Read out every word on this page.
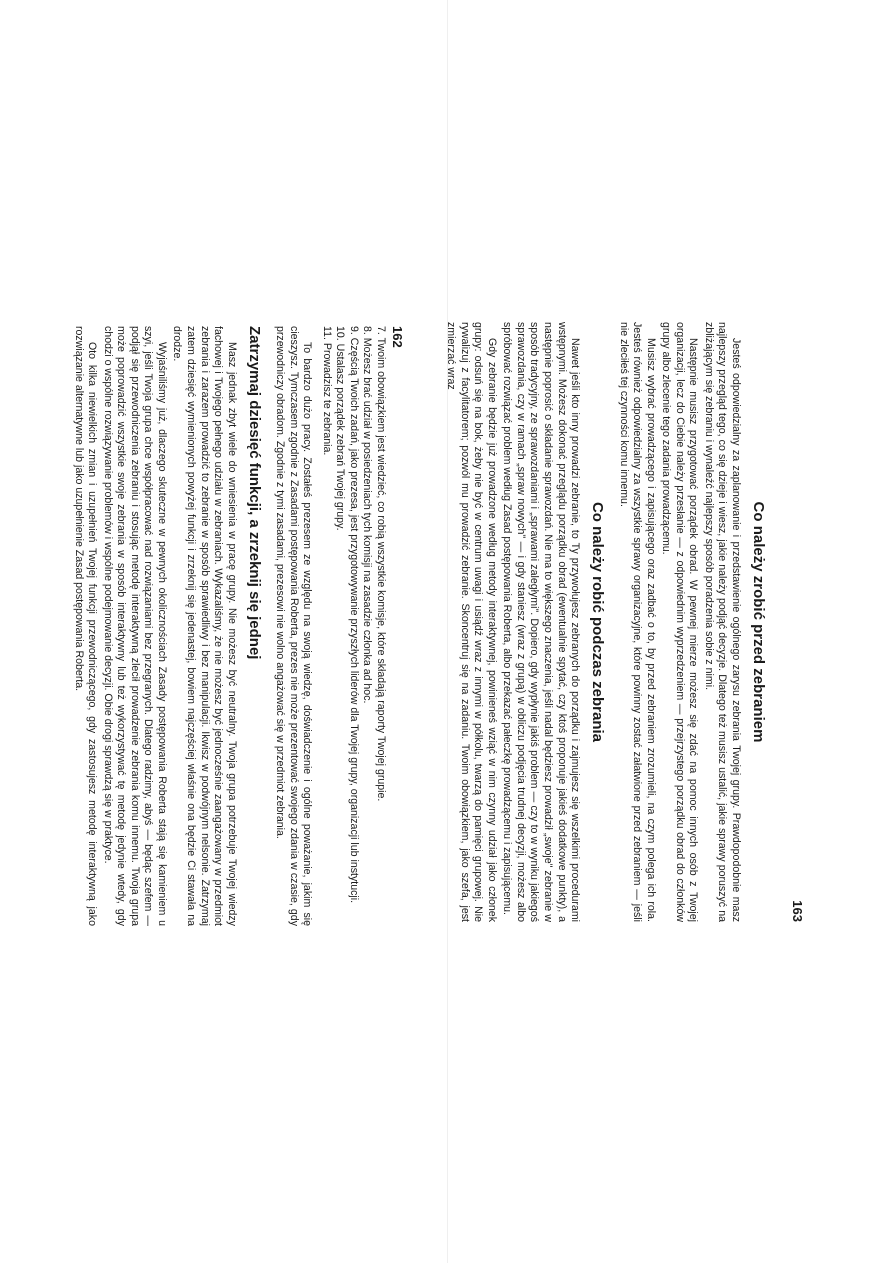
162

7. Twoim obowiązkiem jest wiedzieć, co robią wszystkie komisje, które składają raporty Twojej grupie.

8. Możesz brać udział w posiedzeniach tych komisji na zasadzie członka ad hoc.

9. Częścią Twoich zadań, jako prezesa, jest przygotowywanie przyszłych liderów dla Twojej grupy, organizacji lub instytucji.

10. Ustalasz porządek zebrań Twojej grupy.

11. Prowadzisz te zebrania.

To bardzo dużo pracy. Zostałeś prezesem ze względu na swoją wiedzę, doświadczenie i ogólne poważanie, jakim się cieszysz. Tymczasem zgodnie z Zasadami postępowania Roberta, prezes nie może prezentować swojego zdania w czasie, gdy przewodniczy obradom. Zgodnie z tymi zasadami, prezesowi nie wolno angażować się w przedmiot zebrania.

Zatrzymaj dziesięć funkcji, a zrzeknij się jednej

Masz jednak zbyt wiele do wniesienia w pracę grupy. Nie możesz być neutralny. Twoja grupa potrzebuje Twojej wiedzy fachowej i Twojego pełnego udziału w zebraniach. Wykazaliśmy, że nie możesz być jednocześnie zaangażowany w przedmiot zebrania i zarazem prowadzić to zebranie w sposób sprawiedliwy i bez manipulacji. Ikwisz w podwójnym nelsonie. Zatrzymaj zatem dziesięć wymienionych powyżej funkcji i zrzeknij się jedenastej, bowiem najczęściej właśnie ona będzie Ci stawała na drodze.

Wyjaśniliśmy już, dlaczego skuteczne w pewnych okolicznościach Zasady postępowania Roberta stają się kamieniem u szyi, jeśli Twoja grupa chce współpracować nad rozwiązaniami bez przegranych. Dlatego radzimy, abyś — będąc szefem — podjął się przewodniczenia zebraniu i stosując metodę interaktywną zlecił prowadzenie zebrania komu innemu. Twoja grupa może poprowadzić wszystkie swoje zebrania w sposób interaktywny lub też wykorzystywać tę metodę jedynie wtedy, gdy chodzi o wspólne rozwiązywanie problemów i wspólne podejmowanie decyzji. Obie drogi sprawdzą się w praktyce.

Oto kilka niewielkich zmian i uzupełnień Twojej funkcji przewodniczącego, gdy zastosujesz metodę interaktywną jako rozwiązanie alternatywne lub jako uzupełnienie Zasad postępowania Roberta.

163
Co należy zrobić przed zebraniem

Jesteś odpowiedzialny za zaplanowanie i przedstawienie ogólnego zarysu zebrania Twojej grupy. Prawdopodobnie masz najlepszy przegląd tego, co się dzieje i wiesz, jakie należy podjąć decyzje. Dlatego też musisz ustalić, jakie sprawy poruszyć na zbliżającym się zebraniu i wynaleźć najlepszy sposób poradzenia sobie z nimi.

Następnie musisz przygotować porządek obrad. W pewnej mierze możesz się zdać na pomoc innych osób z Twojej organizacji, lecz do Ciebie należy przesłanie — z odpowiednim wyprzedzeniem — przejrzystego porządku obrad do członków grupy albo zlecenie tego zadania prowadzącemu.

Musisz wybrać prowadzącego i zapisującego oraz zadbać o to, by przed zebraniem zrozumieli, na czym polega ich rola. Jesteś również odpowiedzialny za wszystkie sprawy organizacyjne, które powinny zostać załatwione przed zebraniem — jeśli nie zleciłeś tej czynności komu innemu.

Co należy robić podczas zebrania

Nawet jeśli kto inny prowadzi zebranie, to Ty przywołujesz zebranych do porządku i zajmujesz się wszelkimi procedurami wstępnymi. Możesz dokonać przeglądu porządku obrad (ewentualnie spytać, czy ktoś proponuje jakieś dodatkowe punkty), a następnie poprosić o składanie sprawozdań. Nie ma to większego znaczenia, jeśli nadal będziesz prowadził „swoje" zebranie w sposób tradycyjny, ze sprawozdaniami i „sprawami zaległymi". Dopiero, gdy wypłynie jakiś problem — czy to w wyniku jakiegoś sprawozdania, czy w ramach „spraw nowych" — i gdy staniesz (wraz z grupą) w obliczu podjęcia trudnej decyzji, możesz albo spróbować rozwiązać problem według Zasad postępowania Roberta, albo przekazać pałeczkę prowadzącemu i zapisującemu.

Gdy zebranie będzie już prowadzone według metody interaktywnej, powinieneś wziąć w nim czynny udział jako członek grupy: odsuń się na bok, żeby nie być w centrum uwagi i usiądź wraz z innymi w półkolu, twarzą do pamięci grupowej. Nie rywalizuj z facylitatorem; pozwól mu prowadzić zebranie. Skoncentruj się na zadaniu. Twoim obowiązkiem, jako szefa, jest zmierzać wraz
